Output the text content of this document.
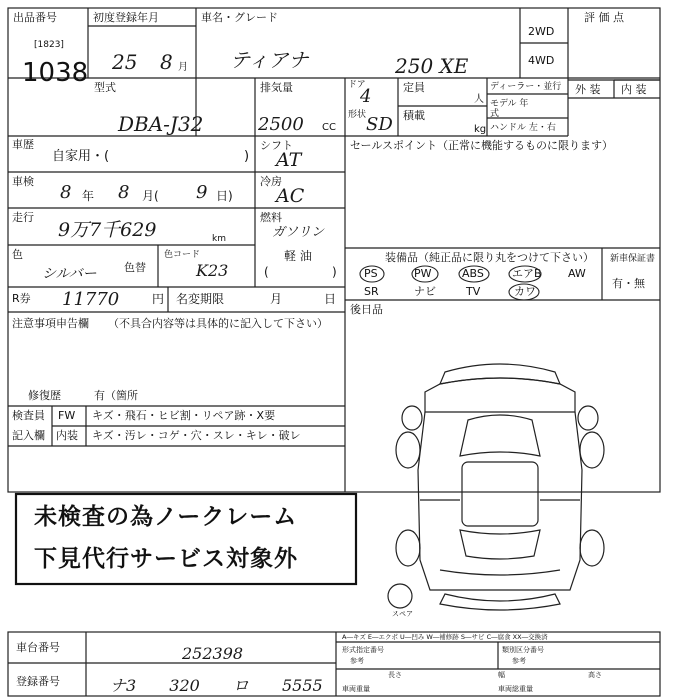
出品番号
[1823]
1038
初度登録年月
25 8 月
車名・グレード
ティアナ	250 XE
2WD
4WD
評 価 点
外 装 内 装
型式
DBA-J32
排気量
2500 CC
ドア
4
形状 SD
定員
人
積載
kg
ディーラー・並行
モデル 年式
ハンドル 左・右
車歴
自家用・(	)
車検
8 年 8 月( 9 日)
走行
9万7千629	km
色
シルバー 色替
色コード
K23
シフト
AT
冷房
AC
燃料
ガソリン
軽 油
(	)
R券 11770	円 名変期限	月	日
セールスポイント（正常に機能するものに限ります）
装備品（純正品に限り丸をつけて下さい） 新車保証書
有・無
PS	PW	ABS	エアB AW
SR	ナビ	TV	カワ
後日品
注意事項申告欄 （不具合内容等は具体的に記入して下さい）
修復歴	有（箇所
検査員
記入欄
FW キズ・飛石・ヒビ割・リペア跡・X要
内装 キズ・汚レ・コゲ・穴・スレ・キレ・破レ
未検査の為ノークレーム
下見代行サービス対象外
スペア
車台番号	252398
登録番号	ナ3 320 ロ 5555
A―キズ E―エクボ U―凹み W―補修跡 S―サビ C―腐食 XX―交換済
形式指定番号
参考
類別区分番号
参考
長さ	幅	高さ
車両重量	車両総重量
